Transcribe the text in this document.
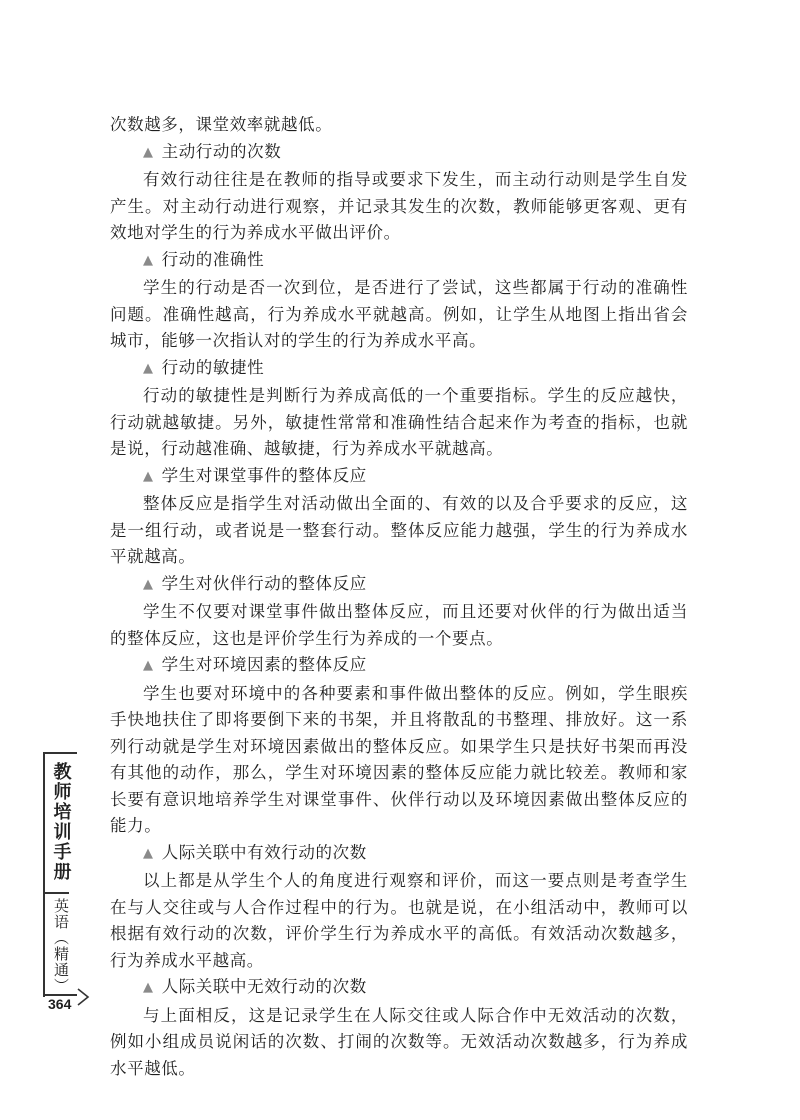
次数越多，课堂效率就越低。

▲ 主动行动的次数

有效行动往往是在教师的指导或要求下发生，而主动行动则是学生自发产生。对主动行动进行观察，并记录其发生的次数，教师能够更客观、更有效地对学生的行为养成水平做出评价。

▲ 行动的准确性

学生的行动是否一次到位，是否进行了尝试，这些都属于行动的准确性问题。准确性越高，行为养成水平就越高。例如，让学生从地图上指出省会城市，能够一次指认对的学生的行为养成水平高。

▲ 行动的敏捷性

行动的敏捷性是判断行为养成高低的一个重要指标。学生的反应越快，行动就越敏捷。另外，敏捷性常常和准确性结合起来作为考查的指标，也就是说，行动越准确、越敏捷，行为养成水平就越高。

▲ 学生对课堂事件的整体反应

整体反应是指学生对活动做出全面的、有效的以及合乎要求的反应，这是一组行动，或者说是一整套行动。整体反应能力越强，学生的行为养成水平就越高。

▲ 学生对伙伴行动的整体反应

学生不仅要对课堂事件做出整体反应，而且还要对伙伴的行为做出适当的整体反应，这也是评价学生行为养成的一个要点。

▲ 学生对环境因素的整体反应

学生也要对环境中的各种要素和事件做出整体的反应。例如，学生眼疾手快地扶住了即将要倒下来的书架，并且将散乱的书整理、排放好。这一系列行动就是学生对环境因素做出的整体反应。如果学生只是扶好书架而再没有其他的动作，那么，学生对环境因素的整体反应能力就比较差。教师和家长要有意识地培养学生对课堂事件、伙伴行动以及环境因素做出整体反应的能力。

▲ 人际关联中有效行动的次数

以上都是从学生个人的角度进行观察和评价，而这一要点则是考查学生在与人交往或与人合作过程中的行为。也就是说，在小组活动中，教师可以根据有效行动的次数，评价学生行为养成水平的高低。有效活动次数越多，行为养成水平越高。

▲ 人际关联中无效行动的次数

与上面相反，这是记录学生在人际交往或人际合作中无效活动的次数，例如小组成员说闲话的次数、打闹的次数等。无效活动次数越多，行为养成水平越低。

教师培训手册
英语（精通）
364
